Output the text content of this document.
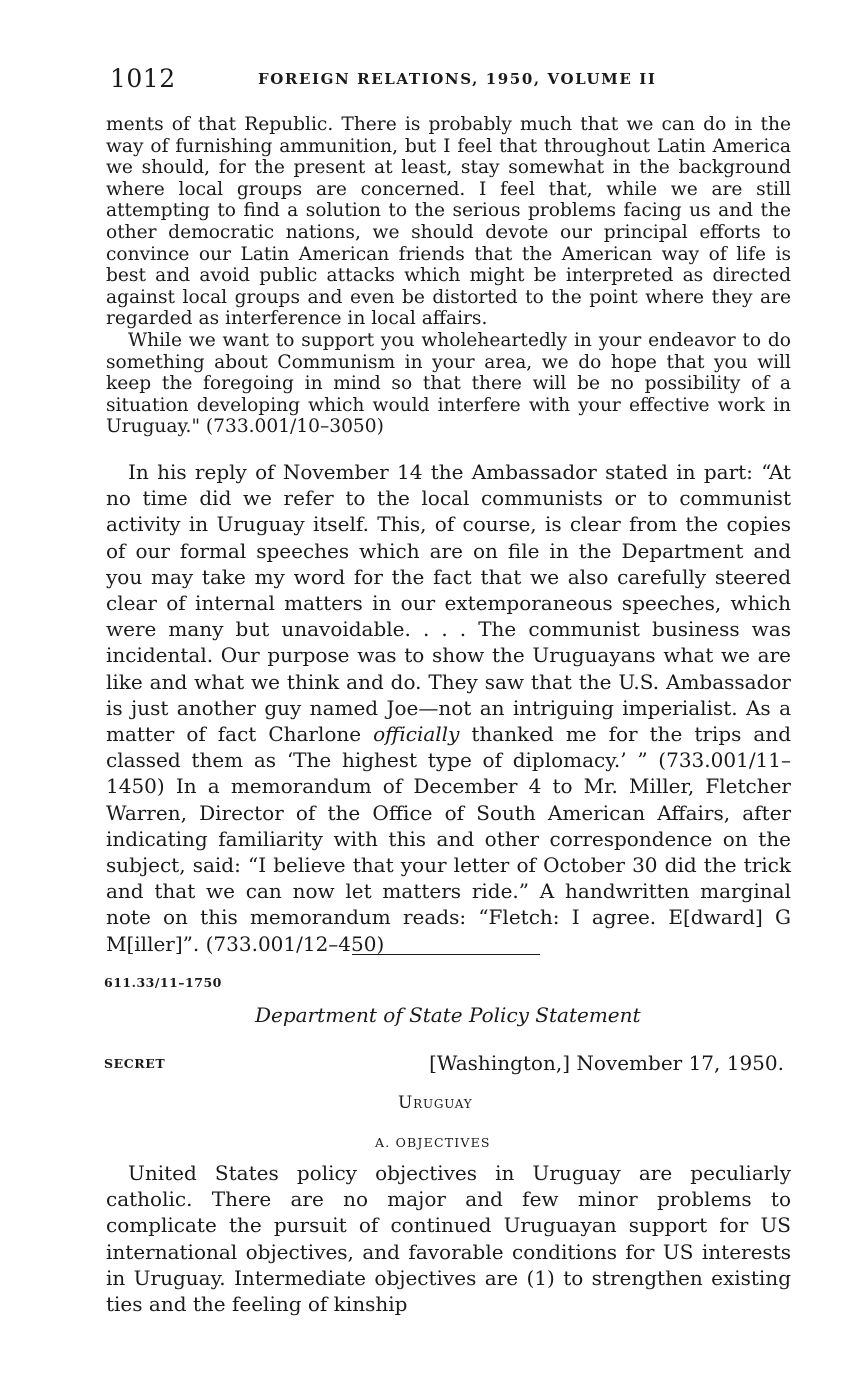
1012	FOREIGN RELATIONS, 1950, VOLUME II

ments of that Republic. There is probably much that we can do in the way of furnishing ammunition, but I feel that throughout Latin America we should, for the present at least, stay somewhat in the background where local groups are concerned. I feel that, while we are still attempting to find a solution to the serious problems facing us and the other democratic nations, we should devote our principal efforts to convince our Latin American friends that the American way of life is best and avoid public attacks which might be interpreted as directed against local groups and even be distorted to the point where they are regarded as interference in local affairs.

While we want to support you wholeheartedly in your endeavor to do something about Communism in your area, we do hope that you will keep the foregoing in mind so that there will be no possibility of a situation developing which would interfere with your effective work in Uruguay." (733.001/10–3050)

In his reply of November 14 the Ambassador stated in part: “At no time did we refer to the local communists or to communist activity in Uruguay itself. This, of course, is clear from the copies of our formal speeches which are on file in the Department and you may take my word for the fact that we also carefully steered clear of internal matters in our extemporaneous speeches, which were many but unavoidable. . . . The communist business was incidental. Our purpose was to show the Uruguayans what we are like and what we think and do. They saw that the U.S. Ambassador is just another guy named Joe—not an intriguing imperialist. As a matter of fact Charlone officially thanked me for the trips and classed them as ‘The highest type of diplomacy.’ ” (733.001/11–1450) In a memorandum of December 4 to Mr. Miller, Fletcher Warren, Director of the Office of South American Affairs, after indicating familiarity with this and other correspondence on the subject, said: “I believe that your letter of October 30 did the trick and that we can now let matters ride.” A handwritten marginal note on this memorandum reads: “Fletch: I agree. E[dward] G M[iller]”. (733.001/12–450)

611.33/11–1750
Department of State Policy Statement
SECRET	[Washington,] November 17, 1950.
Uruguay
A. OBJECTIVES

United States policy objectives in Uruguay are peculiarly catholic. There are no major and few minor problems to complicate the pursuit of continued Uruguayan support for US international objectives, and favorable conditions for US interests in Uruguay. Intermediate objectives are (1) to strengthen existing ties and the feeling of kinship
